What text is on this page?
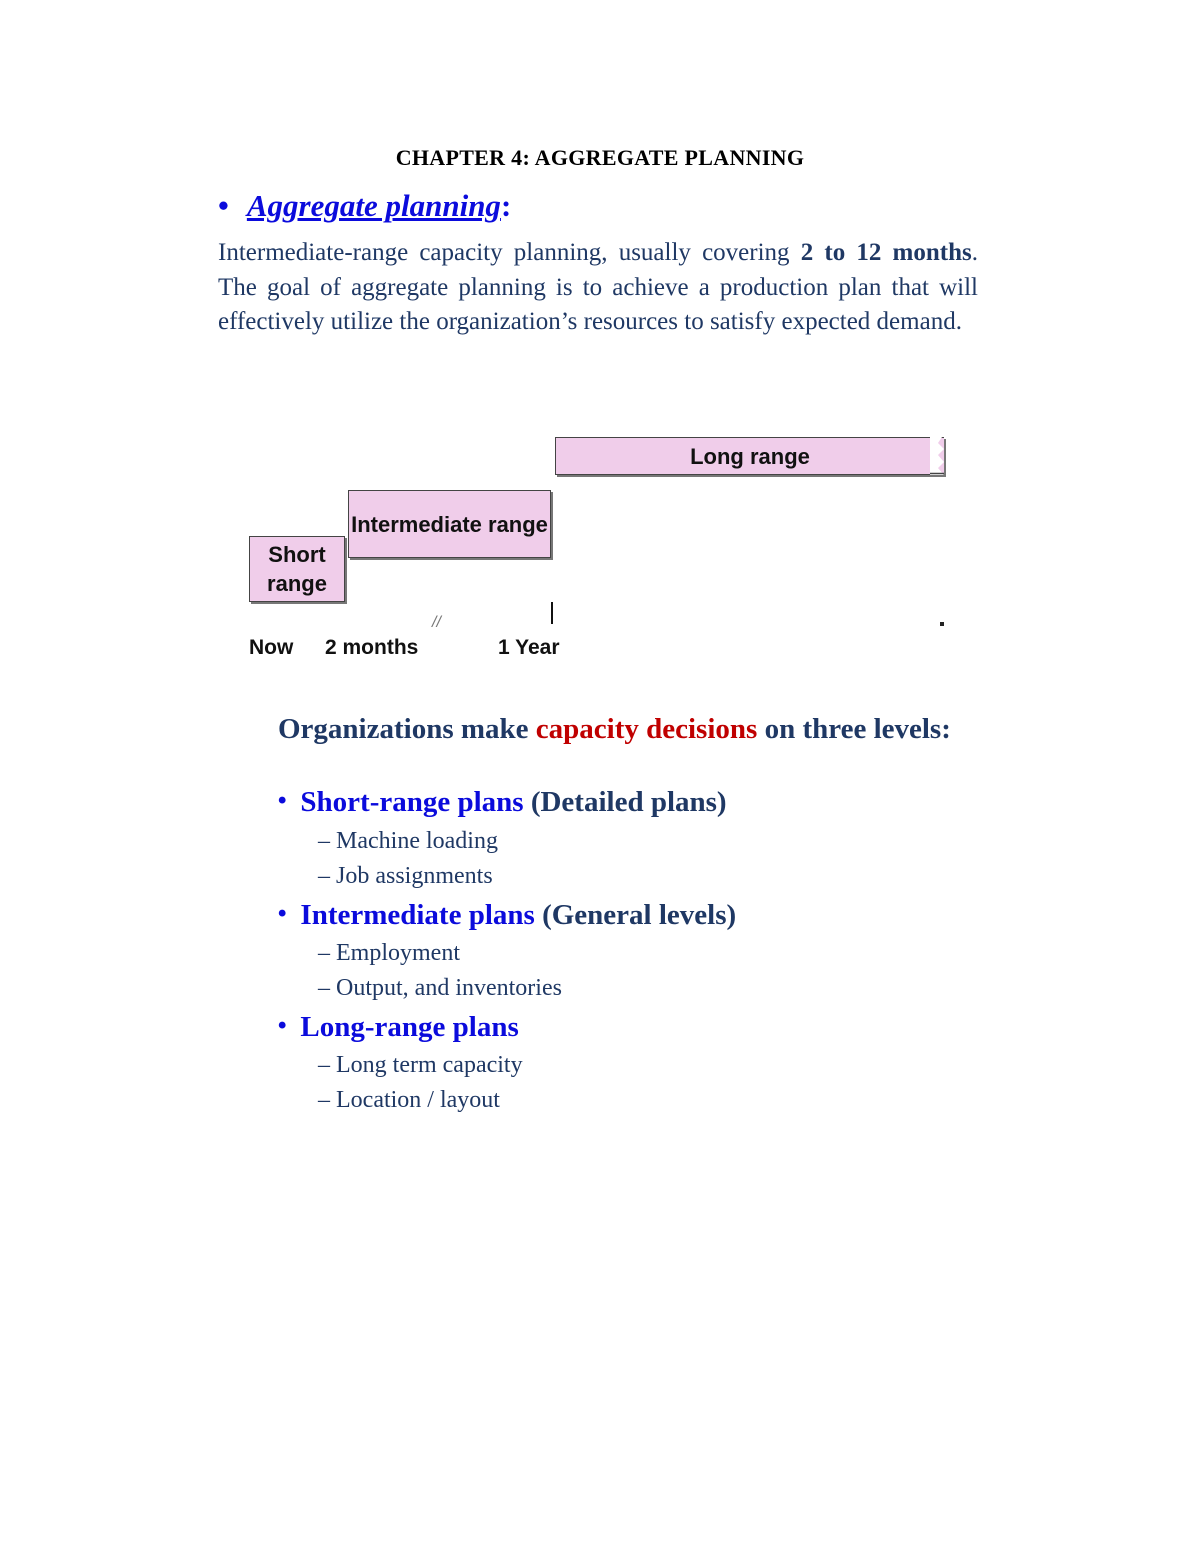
CHAPTER 4: AGGREGATE PLANNING
• Aggregate planning:
Intermediate-range capacity planning, usually covering 2 to 12 months. The goal of aggregate planning is to achieve a production plan that will effectively utilize the organization’s resources to satisfy expected demand.
Short range
Intermediate range
Long range
//
Now 2 months	1 Year
Organizations make capacity decisions on three levels:
• Short-range plans (Detailed plans)
– Machine loading
– Job assignments
• Intermediate plans (General levels)
– Employment
– Output, and inventories
• Long-range plans
– Long term capacity
– Location / layout
